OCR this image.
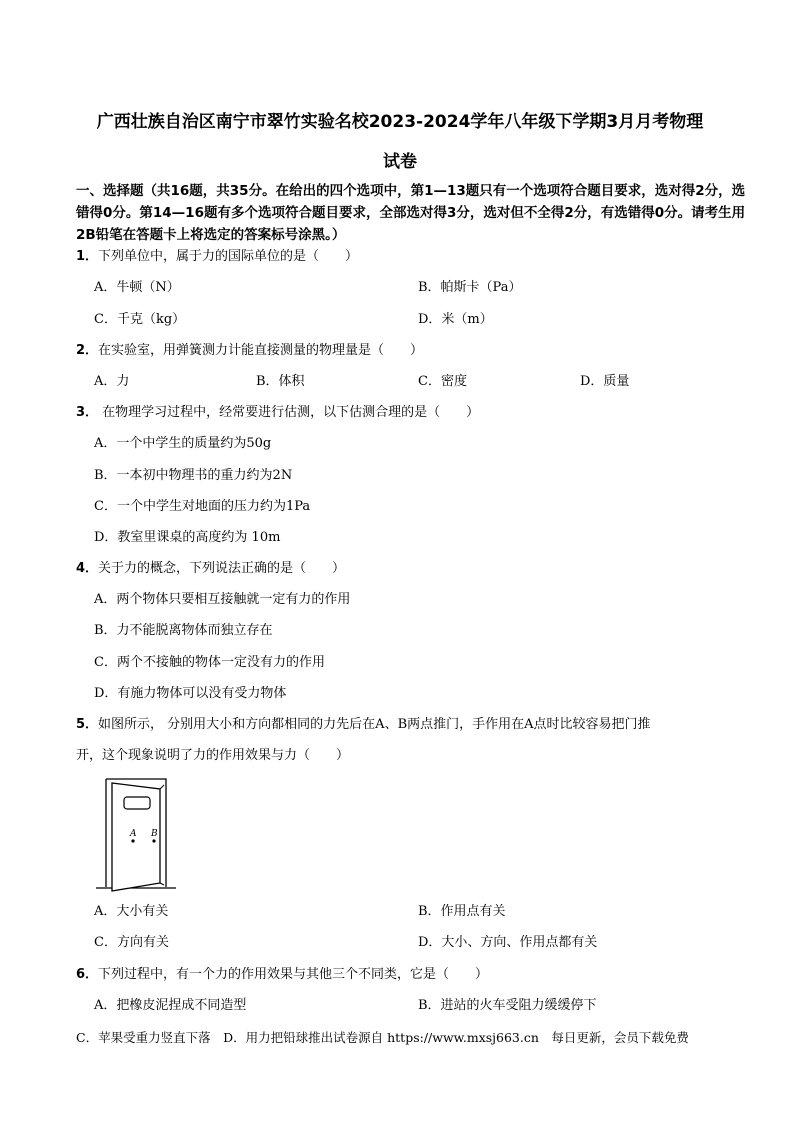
广西壮族自治区南宁市翠竹实验名校2023-2024学年八年级下学期3月月考物理
试卷
一、选择题（共16题，共35分。在给出的四个选项中，第1—13题只有一个选项符合题目要求，选对得2分，选错得0分。第14—16题有多个选项符合题目要求，全部选对得3分，选对但不全得2分，有选错得0分。请考生用2B铅笔在答题卡上将选定的答案标号涂黑。）
1．下列单位中，属于力的国际单位的是（　　）
A．牛顿（N）	B．帕斯卡（Pa）
C．千克（kg）	D．米（m）
2．在实验室，用弹簧测力计能直接测量的物理量是（　　）
A．力	B．体积	C．密度	D．质量
3． 在物理学习过程中，经常要进行估测，以下估测合理的是（　　）
A．一个中学生的质量约为50g
B．一本初中物理书的重力约为2N
C．一个中学生对地面的压力约为1Pa
D．教室里课桌的高度约为 10m
4．关于力的概念，下列说法正确的是（　　）
A．两个物体只要相互接触就一定有力的作用
B．力不能脱离物体而独立存在
C．两个不接触的物体一定没有力的作用
D．有施力物体可以没有受力物体
5．如图所示， 分别用大小和方向都相同的力先后在A、B两点推门，手作用在A点时比较容易把门推
开，这个现象说明了力的作用效果与力（　　）
A B
A．大小有关	B．作用点有关
C．方向有关	D．大小、方向、作用点都有关
6．下列过程中，有一个力的作用效果与其他三个不同类，它是（　　）
A．把橡皮泥捏成不同造型	B．进站的火车受阻力缓缓停下
C．苹果受重力竖直下落　 D．用力把铅球推出试卷源自 https://www.mxsj663.cn　每日更新，会员下载免费
